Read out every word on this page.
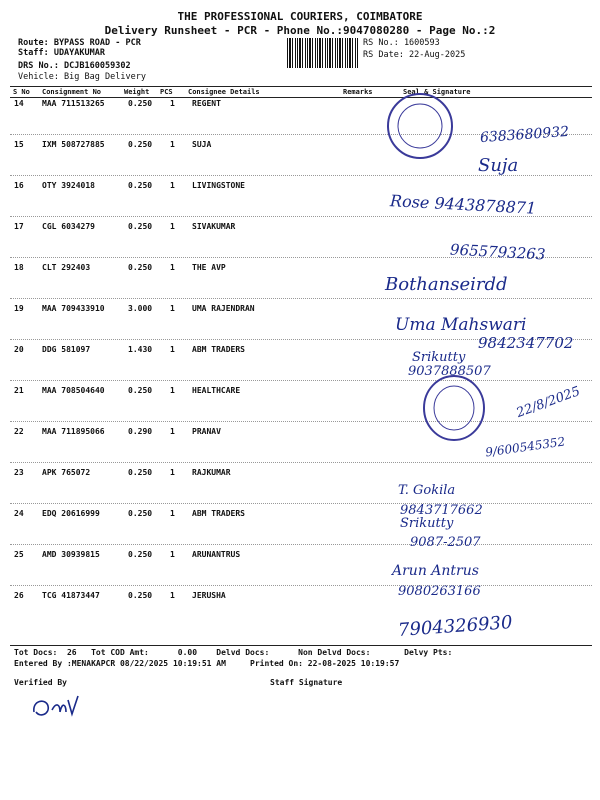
THE PROFESSIONAL COURIERS, COIMBATORE
Delivery Runsheet - PCR - Phone No.:9047080280 - Page No.:2
Route: BYPASS ROAD - PCR
Staff: UDAYAKUMAR
DRS No.: DCJB160059302
Vehicle: Big Bag Delivery
RS No.: 1600593
RS Date: 22-Aug-2025
S No Consignment No	Weight PCS Consignee Details	Remarks	Seal & Signature
14 MAA 711513265	0.250 1 REGENT
15 IXM 508727885	0.250 1 SUJA
16 OTY 3924018	0.250 1 LIVINGSTONE
17 CGL 6034279	0.250 1 SIVAKUMAR
18 CLT 292403	0.250 1 THE AVP
19 MAA 709433910	3.000 1 UMA RAJENDRAN
20 DDG 581097	1.430 1 ABM TRADERS
21 MAA 708504640	0.250 1 HEALTHCARE
22 MAA 711895066	0.290 1 PRANAV
23 APK 765072	0.250 1 RAJKUMAR
24 EDQ 20616999	0.250 1 ABM TRADERS
25 AMD 30939815	0.250 1 ARUNANTRUS
26 TCG 41873447	0.250 1 JERUSHA
6383680932
Suja
Rose 9443878871
9655793263
Bothanseirdd
Uma Mahswari
9842347702
Srikutty
9037888507
22/8/2025
9/600545352
T. Gokila
9843717662
Srikutty
9087-2507
Arun Antrus
9080263166
7904326930
Tot Docs:  26   Tot COD Amt:      0.00    Delvd Docs:      Non Delvd Docs:       Delvy Pts:
Entered By :MENAKAPCR 08/22/2025 10:19:51 AM     Printed On: 22-08-2025 10:19:57
Verified By	Staff Signature
